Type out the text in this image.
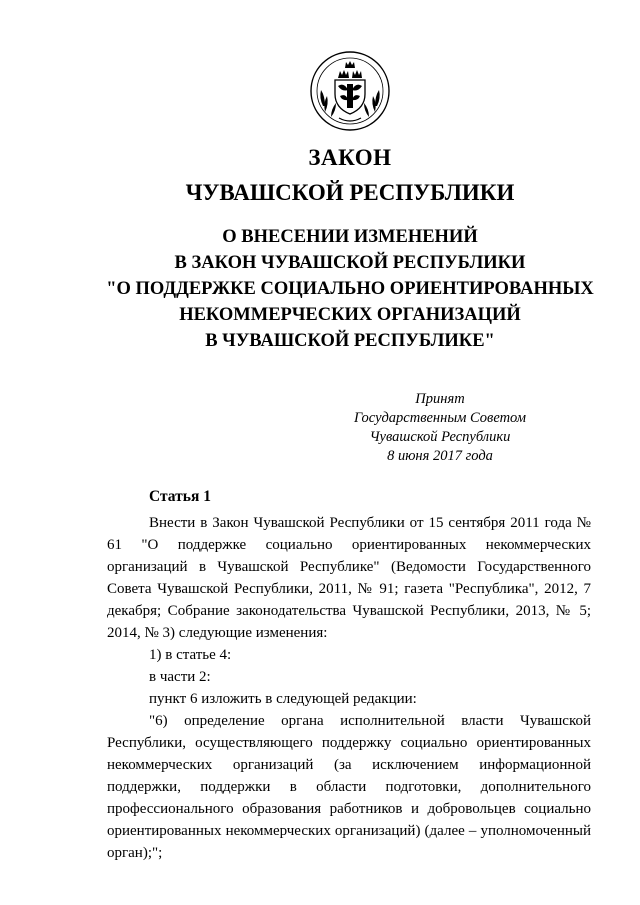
ЗАКОН
ЧУВАШСКОЙ РЕСПУБЛИКИ
О ВНЕСЕНИИ ИЗМЕНЕНИЙ
В ЗАКОН ЧУВАШСКОЙ РЕСПУБЛИКИ
"О ПОДДЕРЖКЕ СОЦИАЛЬНО ОРИЕНТИРОВАННЫХ
НЕКОММЕРЧЕСКИХ ОРГАНИЗАЦИЙ
В ЧУВАШСКОЙ РЕСПУБЛИКЕ"
Принят
Государственным Советом
Чувашской Республики
8 июня 2017 года
Статья 1
Внести в Закон Чувашской Республики от 15 сентября 2011 года № 61 "О поддержке социально ориентированных некоммерческих организаций в Чувашской Республике" (Ведомости Государственного Совета Чувашской Республики, 2011, № 91; газета "Республика", 2012, 7 декабря; Собрание законодательства Чувашской Республики, 2013, № 5; 2014, № 3) следующие изменения:
1) в статье 4:
в части 2:
пункт 6 изложить в следующей редакции:
"6) определение органа исполнительной власти Чувашской Республики, осуществляющего поддержку социально ориентированных некоммерческих организаций (за исключением информационной поддержки, поддержки в области подготовки, дополнительного профессионального образования работников и добровольцев социально ориентированных некоммерческих организаций) (далее – уполномоченный орган);";
